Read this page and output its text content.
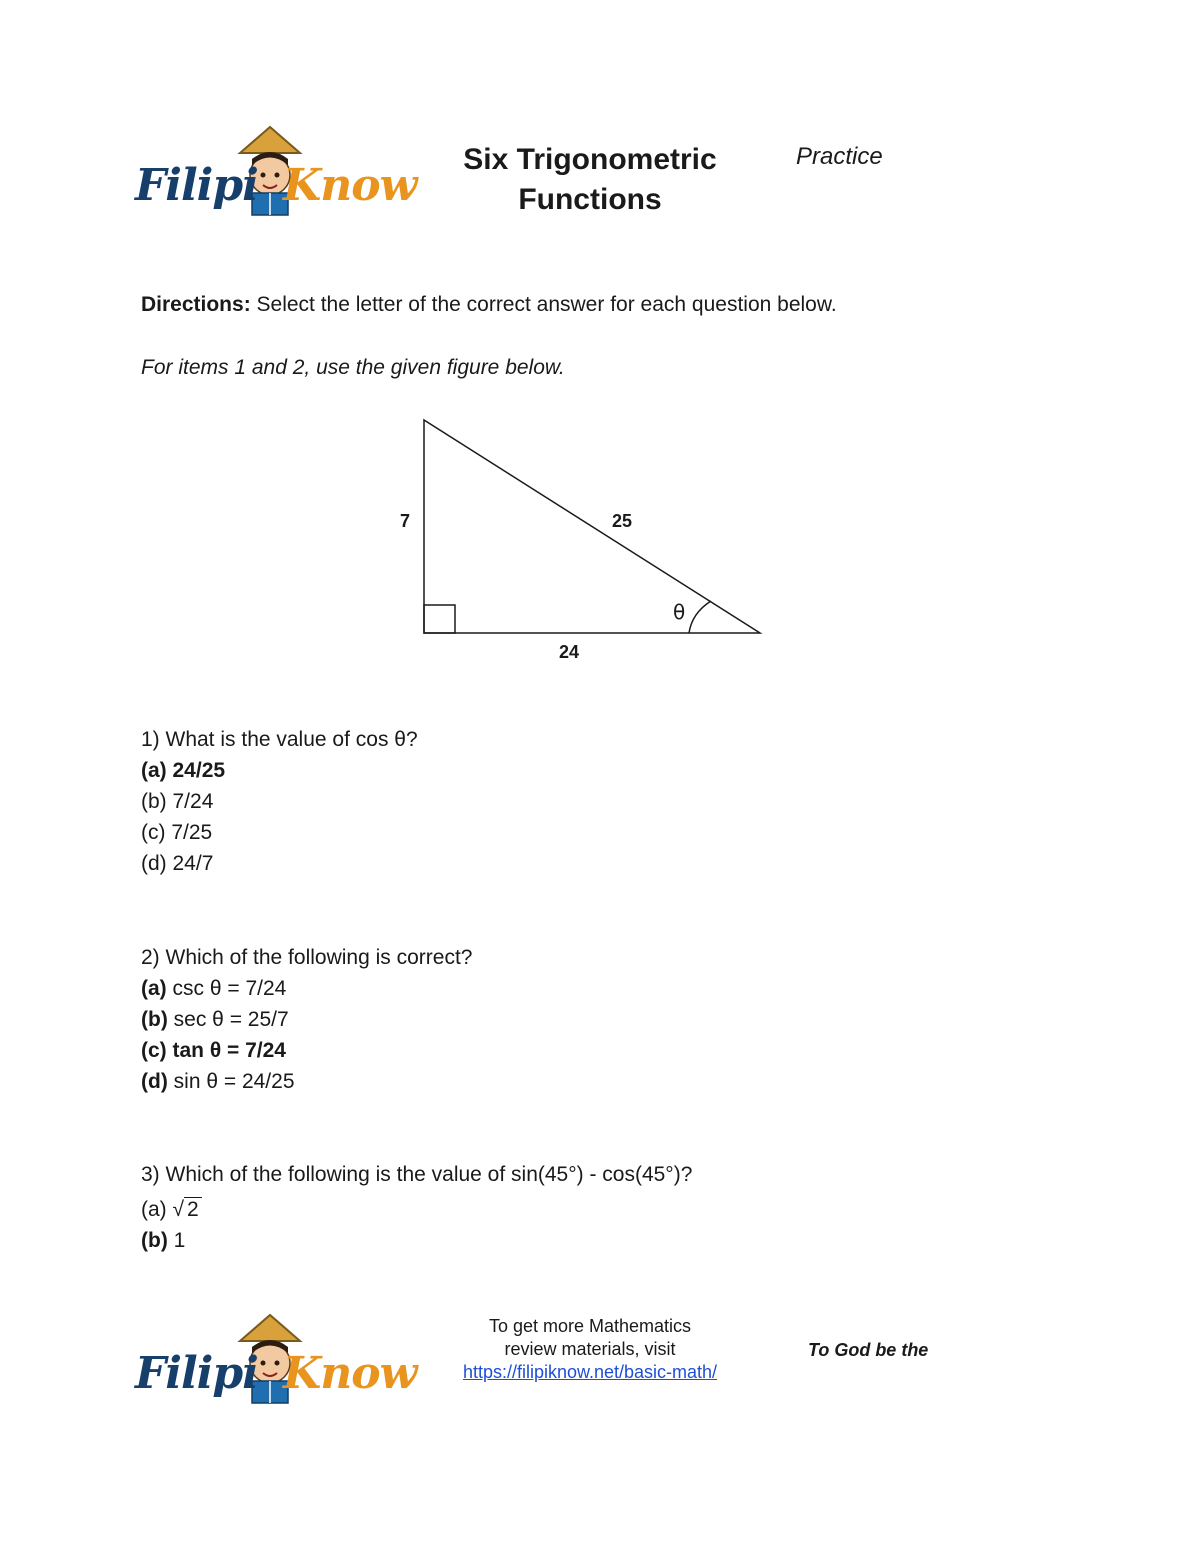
Filipi Know
Six Trigonometric
Functions
Practice
Directions: Select the letter of the correct answer for each question below.
For items 1 and 2, use the given figure below.
7	25
24
θ
1) What is the value of cos θ?
(a) 24/25
(b) 7/24
(c) 7/25
(d) 24/7
2) Which of the following is correct?
(a) csc θ = 7/24
(b) sec θ = 25/7
(c) tan θ = 7/24
(d) sin θ = 24/25
3) Which of the following is the value of sin(45°) - cos(45°)?
(a) √ 2
(b) 1
Filipi Know
To get more Mathematics
review materials, visit
https://filipiknow.net/basic-math/
To God be the
